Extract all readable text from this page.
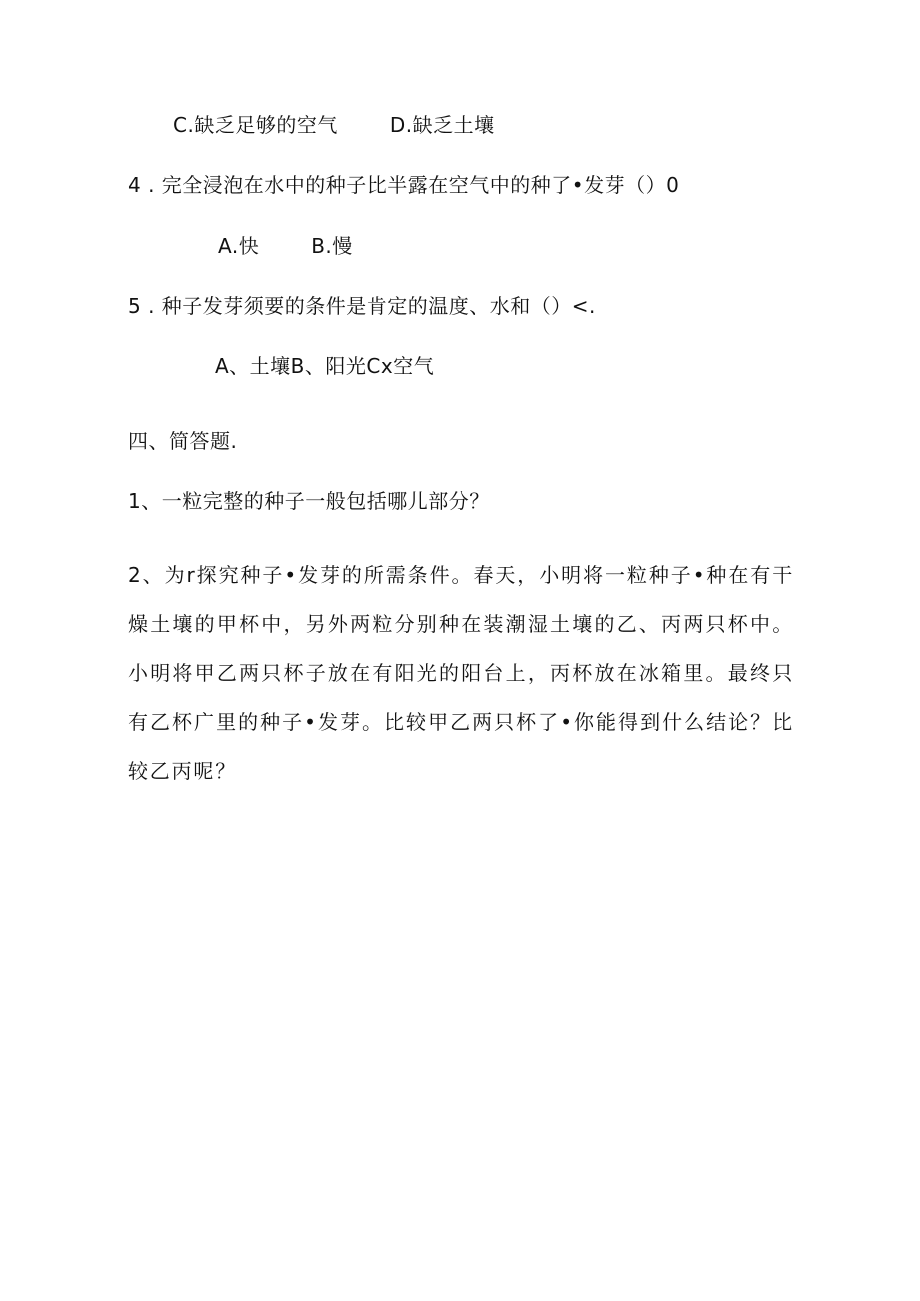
C.缺乏足够的空气	D.缺乏土壤
4 . 完全浸泡在水中的种子比半露在空气中的种了•发芽（）0
A.快	B.慢
5 . 种子发芽须要的条件是肯定的温度、水和（）<.
A、土壤B、阳光Cx空气
四、简答题.
1、一粒完整的种子一般包括哪儿部分？
2、为r探究种子•发芽的所需条件。春天，小明将一粒种子•种在有干燥土壤的甲杯中，另外两粒分别种在装潮湿土壤的乙、丙两只杯中。小明将甲乙两只杯子放在有阳光的阳台上，丙杯放在冰箱里。最终只有乙杯广里的种子•发芽。比较甲乙两只杯了•你能得到什么结论？比较乙丙呢？
